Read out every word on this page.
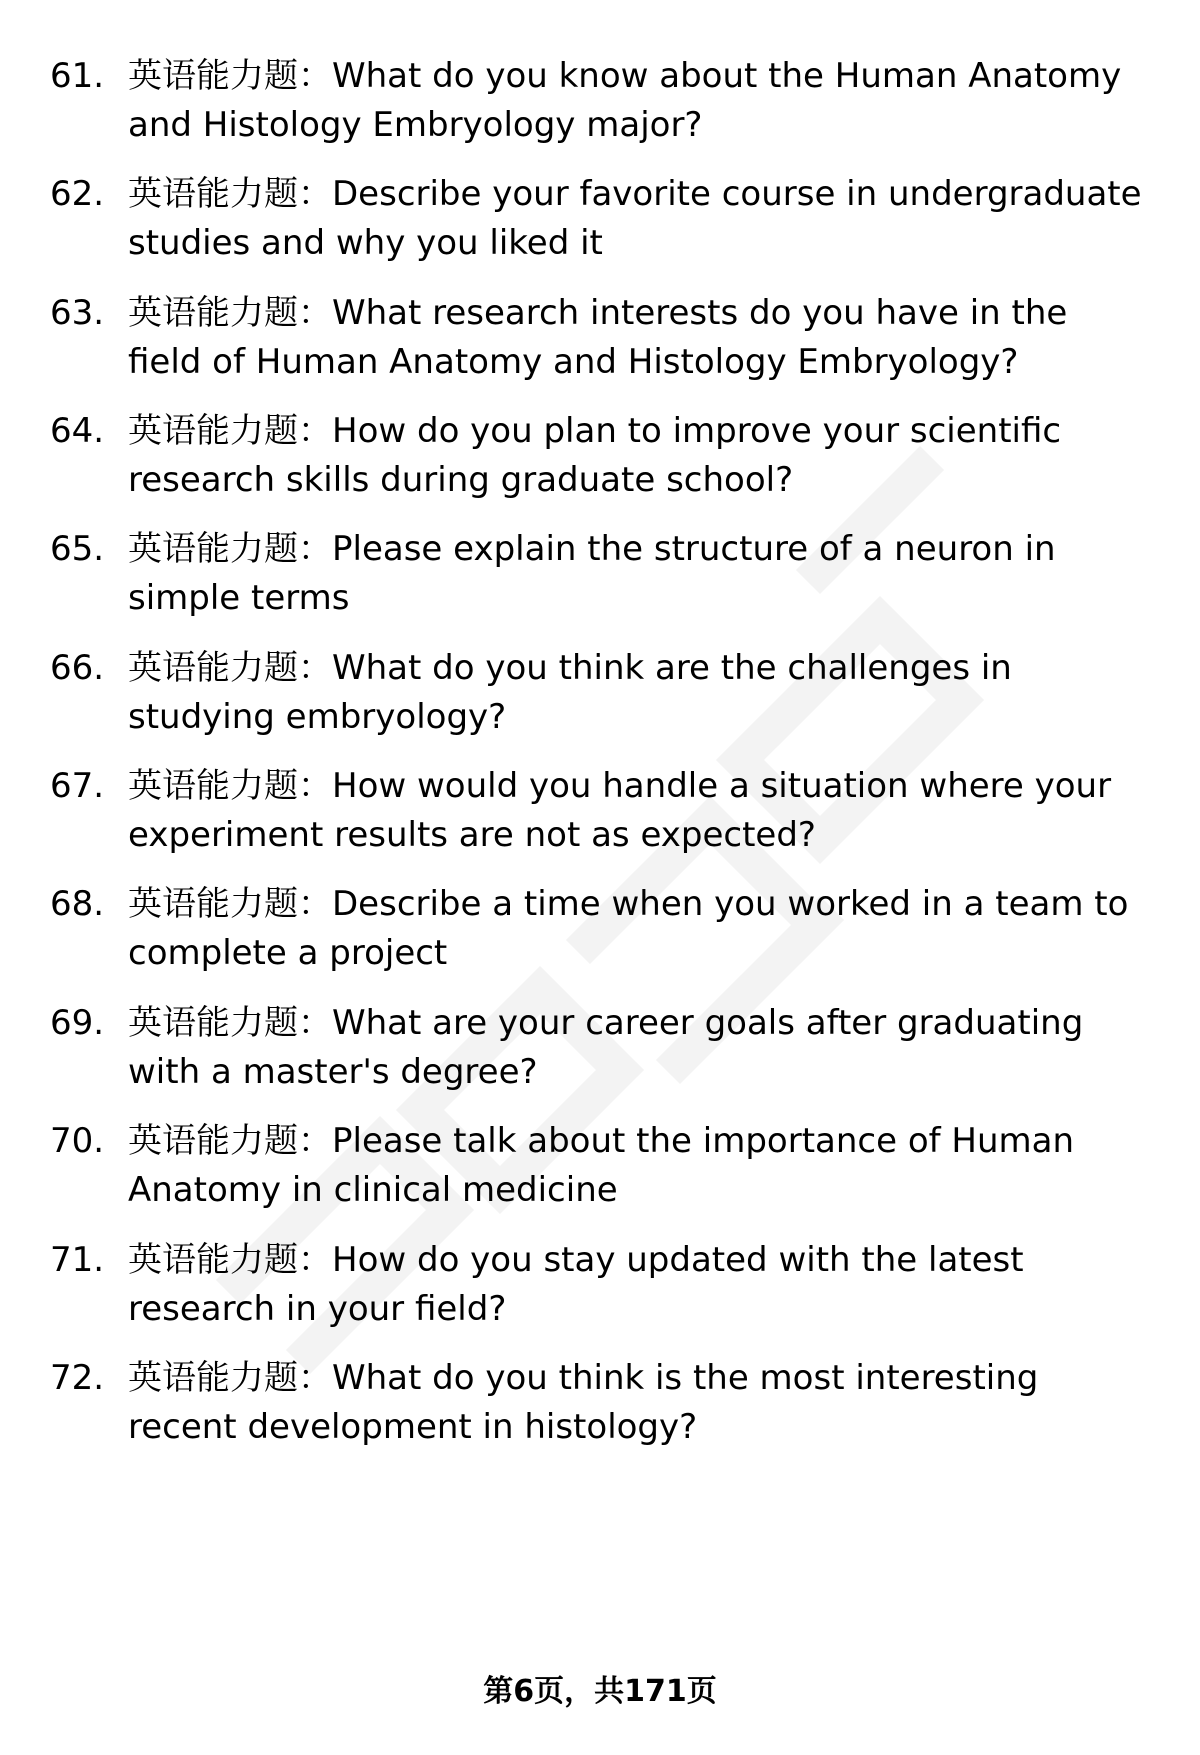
61. 英语能力题：What do you know about the Human Anatomy
and Histology Embryology major?
62. 英语能力题：Describe your favorite course in undergraduate
studies and why you liked it
63. 英语能力题：What research interests do you have in the
field of Human Anatomy and Histology Embryology?
64. 英语能力题：How do you plan to improve your scientific
research skills during graduate school?
65. 英语能力题：Please explain the structure of a neuron in
simple terms
66. 英语能力题：What do you think are the challenges in
studying embryology?
67. 英语能力题：How would you handle a situation where your
experiment results are not as expected?
68. 英语能力题：Describe a time when you worked in a team to
complete a project
69. 英语能力题：What are your career goals after graduating
with a master's degree?
70. 英语能力题：Please talk about the importance of Human
Anatomy in clinical medicine
71. 英语能力题：How do you stay updated with the latest
research in your field?
72. 英语能力题：What do you think is the most interesting
recent development in histology?
第6页，共171页
